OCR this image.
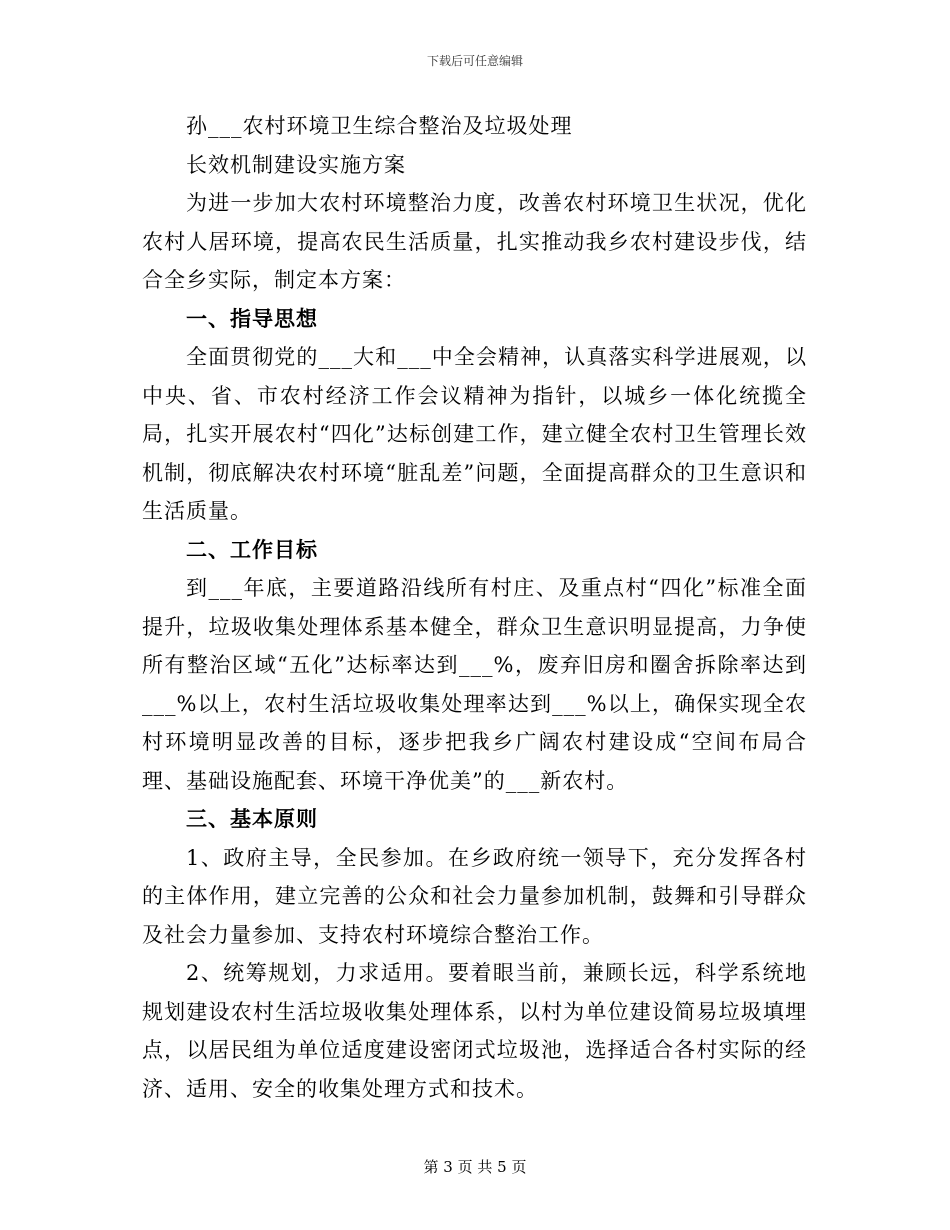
下载后可任意编辑

孙___农村环境卫生综合整治及垃圾处理

长效机制建设实施方案

为进一步加大农村环境整治力度，改善农村环境卫生状况，优化农村人居环境，提高农民生活质量，扎实推动我乡农村建设步伐，结合全乡实际，制定本方案：

一、指导思想

全面贯彻党的___大和___中全会精神，认真落实科学进展观，以中央、省、市农村经济工作会议精神为指针，以城乡一体化统揽全局，扎实开展农村“四化”达标创建工作，建立健全农村卫生管理长效机制，彻底解决农村环境“脏乱差”问题，全面提高群众的卫生意识和生活质量。

二、工作目标

到___年底，主要道路沿线所有村庄、及重点村“四化”标准全面提升，垃圾收集处理体系基本健全，群众卫生意识明显提高，力争使所有整治区域“五化”达标率达到___%，废弃旧房和圈舍拆除率达到___%以上，农村生活垃圾收集处理率达到___%以上，确保实现全农村环境明显改善的目标，逐步把我乡广阔农村建设成“空间布局合理、基础设施配套、环境干净优美”的___新农村。

三、基本原则

1、政府主导，全民参加。在乡政府统一领导下，充分发挥各村的主体作用，建立完善的公众和社会力量参加机制，鼓舞和引导群众及社会力量参加、支持农村环境综合整治工作。

2、统筹规划，力求适用。要着眼当前，兼顾长远，科学系统地规划建设农村生活垃圾收集处理体系，以村为单位建设简易垃圾填埋点，以居民组为单位适度建设密闭式垃圾池，选择适合各村实际的经济、适用、安全的收集处理方式和技术。

第 3 页 共 5 页
